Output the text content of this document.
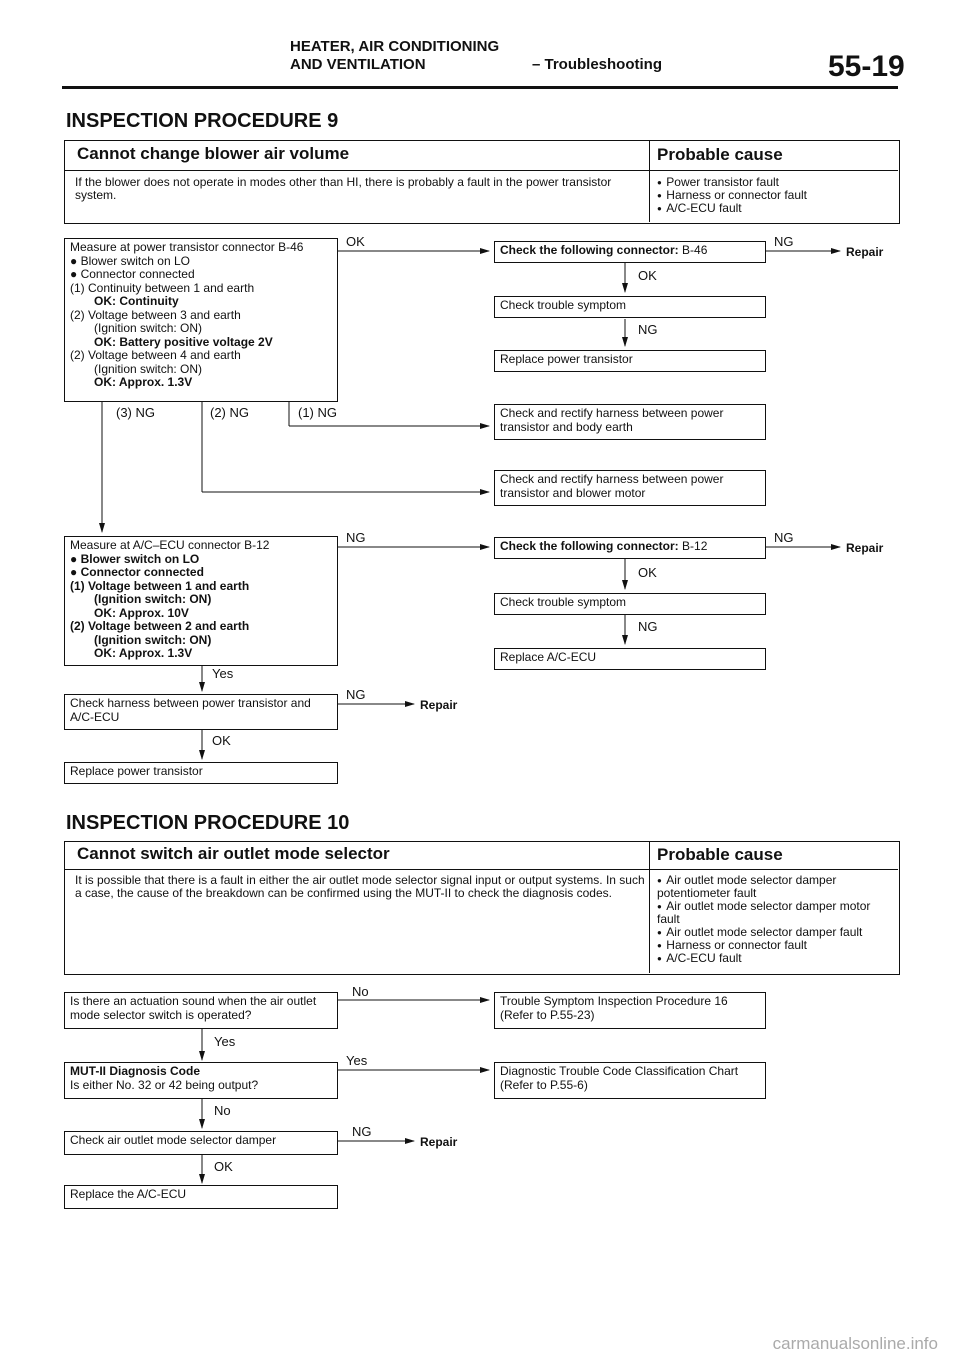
HEATER, AIR CONDITIONING
AND VENTILATION	– Troubleshooting	55-19
INSPECTION PROCEDURE 9
Cannot change blower air volume	Probable cause
If the blower does not operate in modes other than HI, there is probably a fault in the power transistor system.
●  Power transistor fault
●  Harness or connector fault
●  A/C-ECU fault
Measure at power transistor connector B-46
● Blower switch on LO
● Connector connected
(1) Continuity between 1 and earth
OK: Continuity
(2) Voltage between 3 and earth
(Ignition switch: ON)
OK: Battery positive voltage 2V
(2) Voltage between 4 and earth
(Ignition switch: ON)
OK: Approx. 1.3V
Check the following connector: B-46
Check trouble symptom
Replace power transistor
Check and rectify harness between power transistor and body earth
Check and rectify harness between power transistor and blower motor
Measure at A/C–ECU connector B-12
● Blower switch on LO
● Connector connected
(1) Voltage between 1 and earth
(Ignition switch: ON)
OK: Approx. 10V
(2) Voltage between 2 and earth
(Ignition switch: ON)
OK: Approx. 1.3V
Check the following connector: B-12
Check trouble symptom
Replace A/C-ECU
Check harness between power transistor and A/C-ECU
Replace power transistor
OK	NG
Repair
OK
NG
(3) NG	(2) NG	(1) NG
NG	NG
Repair
OK
NG
Yes
NG
Repair
OK
INSPECTION PROCEDURE 10
Cannot switch air outlet mode selector	Probable cause
It is possible that there is a fault in either the air outlet mode selector signal input or output systems. In such a case, the cause of the breakdown can be confirmed using the MUT-II to check the diagnosis codes.
●  Air outlet mode selector damper potentiometer fault
●  Air outlet mode selector damper motor fault
●  Air outlet mode selector damper fault
●  Harness or connector fault
●  A/C-ECU fault
Is there an actuation sound when the air outlet mode selector switch is operated?
Trouble Symptom Inspection Procedure 16 (Refer to P.55-23)
MUT-II Diagnosis Code
Is either No. 32 or 42 being output?
Diagnostic Trouble Code Classification Chart (Refer to P.55-6)
Check air outlet mode selector damper
Replace the A/C-ECU
No
Yes
Yes
No
NG
Repair
OK
carmanualsonline.info
